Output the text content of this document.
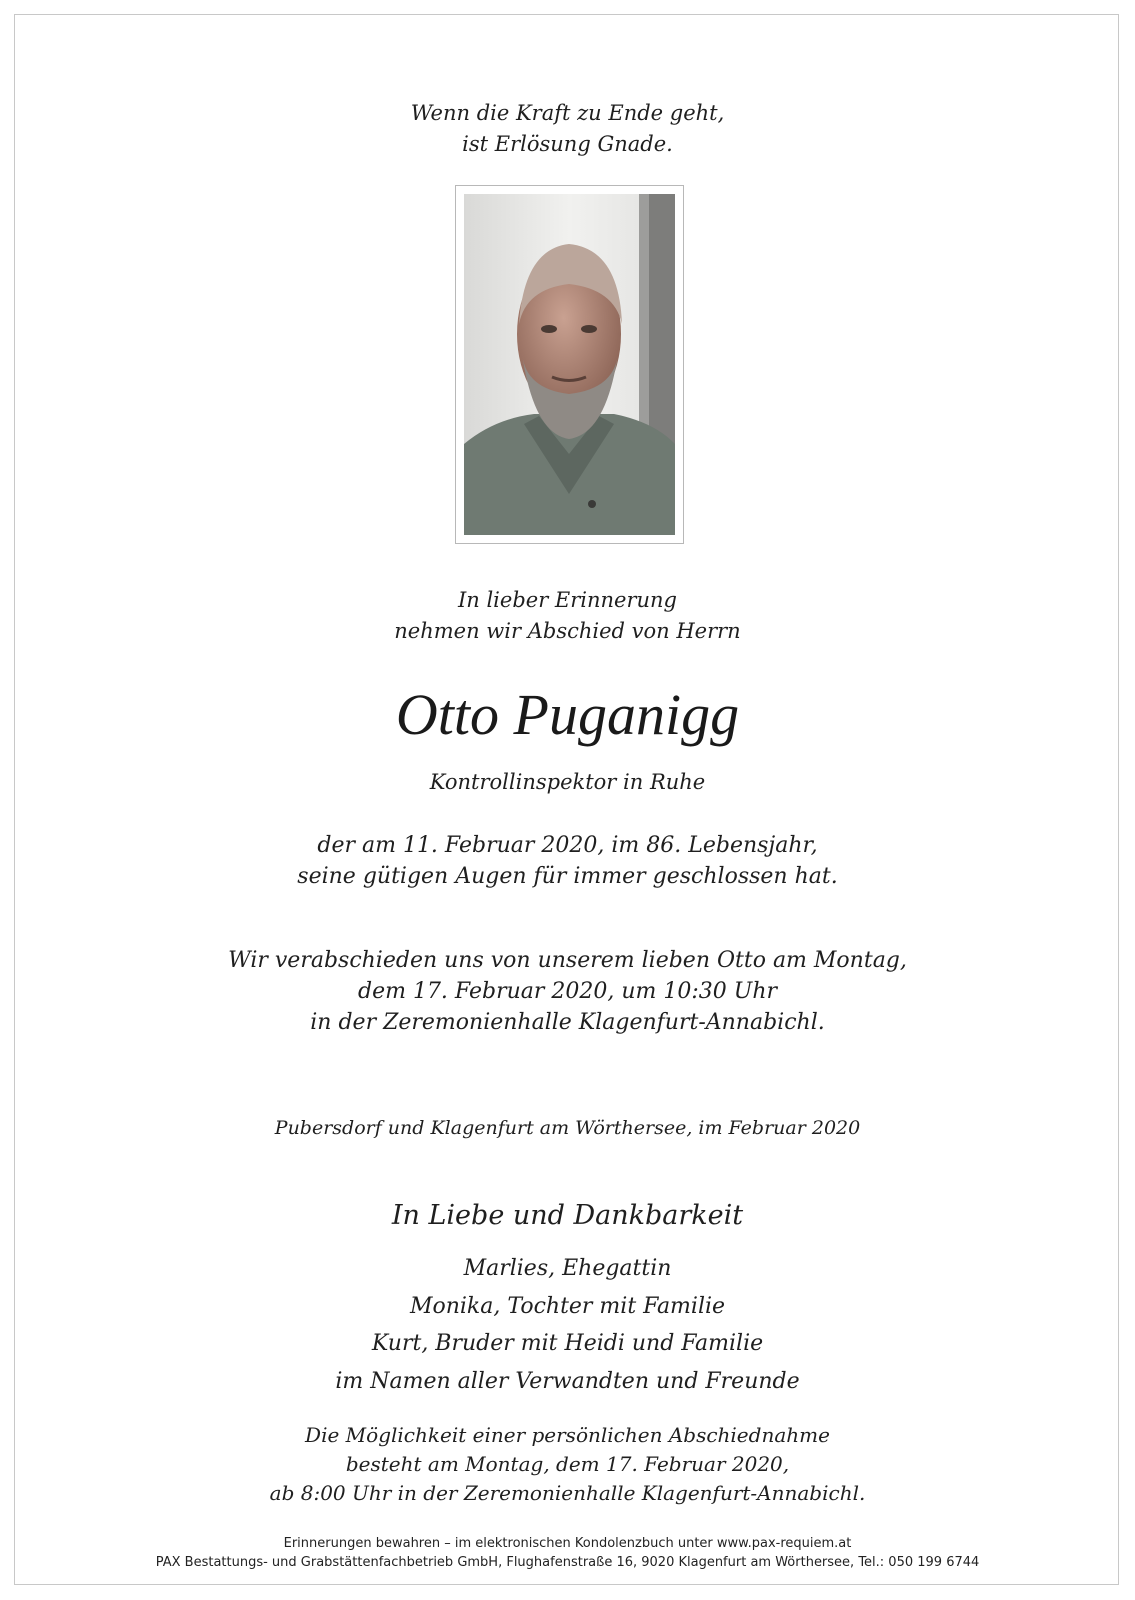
Wenn die Kraft zu Ende geht,
ist Erlösung Gnade.
In lieber Erinnerung
nehmen wir Abschied von Herrn
Otto Puganigg
Kontrollinspektor in Ruhe
der am 11. Februar 2020, im 86. Lebensjahr,
seine gütigen Augen für immer geschlossen hat.
Wir verabschieden uns von unserem lieben Otto am Montag,
dem 17. Februar 2020, um 10:30 Uhr
in der Zeremonienhalle Klagenfurt-Annabichl.
Pubersdorf und Klagenfurt am Wörthersee, im Februar 2020
In Liebe und Dankbarkeit
Marlies, Ehegattin
Monika, Tochter mit Familie
Kurt, Bruder mit Heidi und Familie
im Namen aller Verwandten und Freunde
Die Möglichkeit einer persönlichen Abschiednahme
besteht am Montag, dem 17. Februar 2020,
ab 8:00 Uhr in der Zeremonienhalle Klagenfurt-Annabichl.
Erinnerungen bewahren – im elektronischen Kondolenzbuch unter www.pax-requiem.at
PAX Bestattungs- und Grabstättenfachbetrieb GmbH, Flughafenstraße 16, 9020 Klagenfurt am Wörthersee, Tel.: 050 199 6744
